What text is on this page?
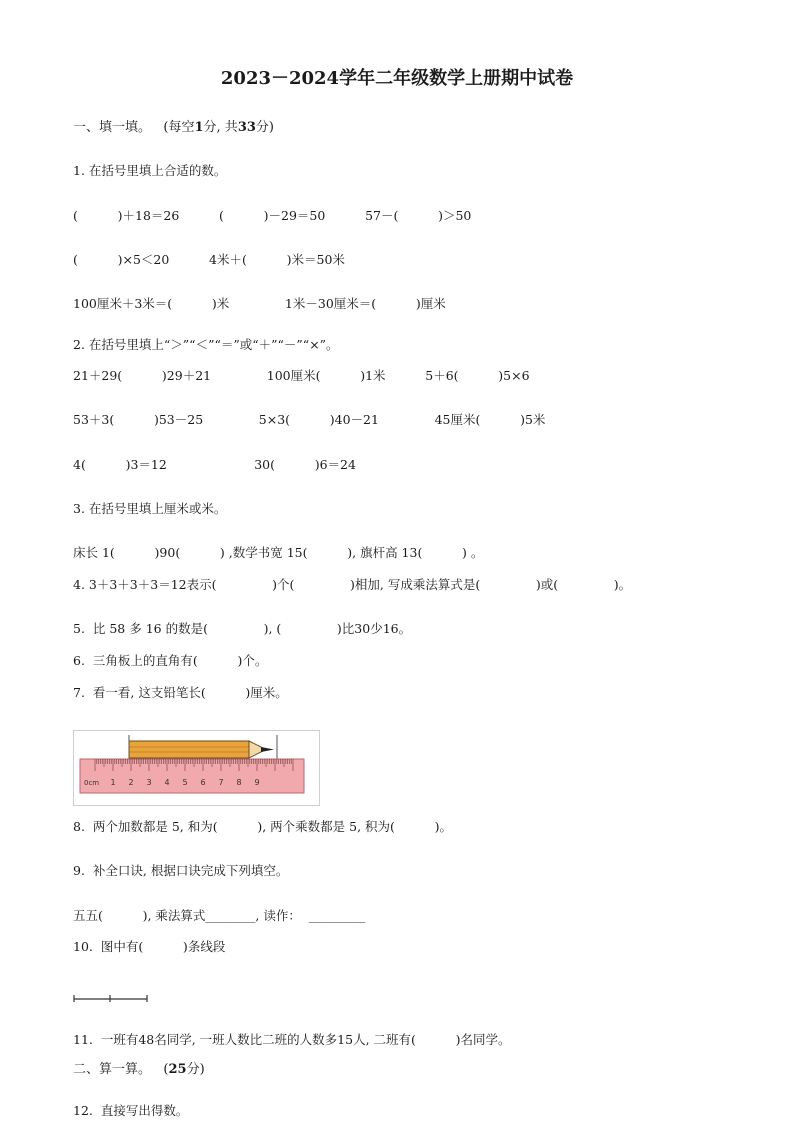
2023－2024学年二年级数学上册期中试卷
一、填一填。 (每空1分, 共33分)
1. 在括号里填上合适的数。
(          )＋18＝26          (          )－29＝50          57－(          )＞50
(          )×5＜20          4米＋(          )米＝50米
100厘米＋3米＝(          )米              1米－30厘米＝(          )厘米
2. 在括号里填上“＞”“＜”“＝”或“＋”“－”“×”。
21＋29(          )29＋21              100厘米(          )1米          5＋6(          )5×6
53＋3(          )53－25              5×3(          )40－21              45厘米(          )5米
4(          )3＝12                      30(          )6＝24
3. 在括号里填上厘米或米。
床长 1(          )90(          ) ,数学书宽 15(          ), 旗杆高 13(          ) 。
4. 3＋3＋3＋3＝12表示(              )个(              )相加, 写成乘法算式是(              )或(              )。
5.  比 58 多 16 的数是(              ), (              )比30少16。
6.  三角板上的直角有(          )个。
7.  看一看, 这支铅笔长(          )厘米。
0cm 1 2 3 4 5 6 7 8 9
8.  两个加数都是 5, 和为(          ), 两个乘数都是 5, 积为(          )。
9.  补全口诀, 根据口诀完成下列填空。
五五(          ), 乘法算式________, 读作：  _________
10.  图中有(          )条线段
11.  一班有48名同学, 一班人数比二班的人数多15人, 二班有(          )名同学。
二、算一算。 (25分)
12.  直接写出得数。
